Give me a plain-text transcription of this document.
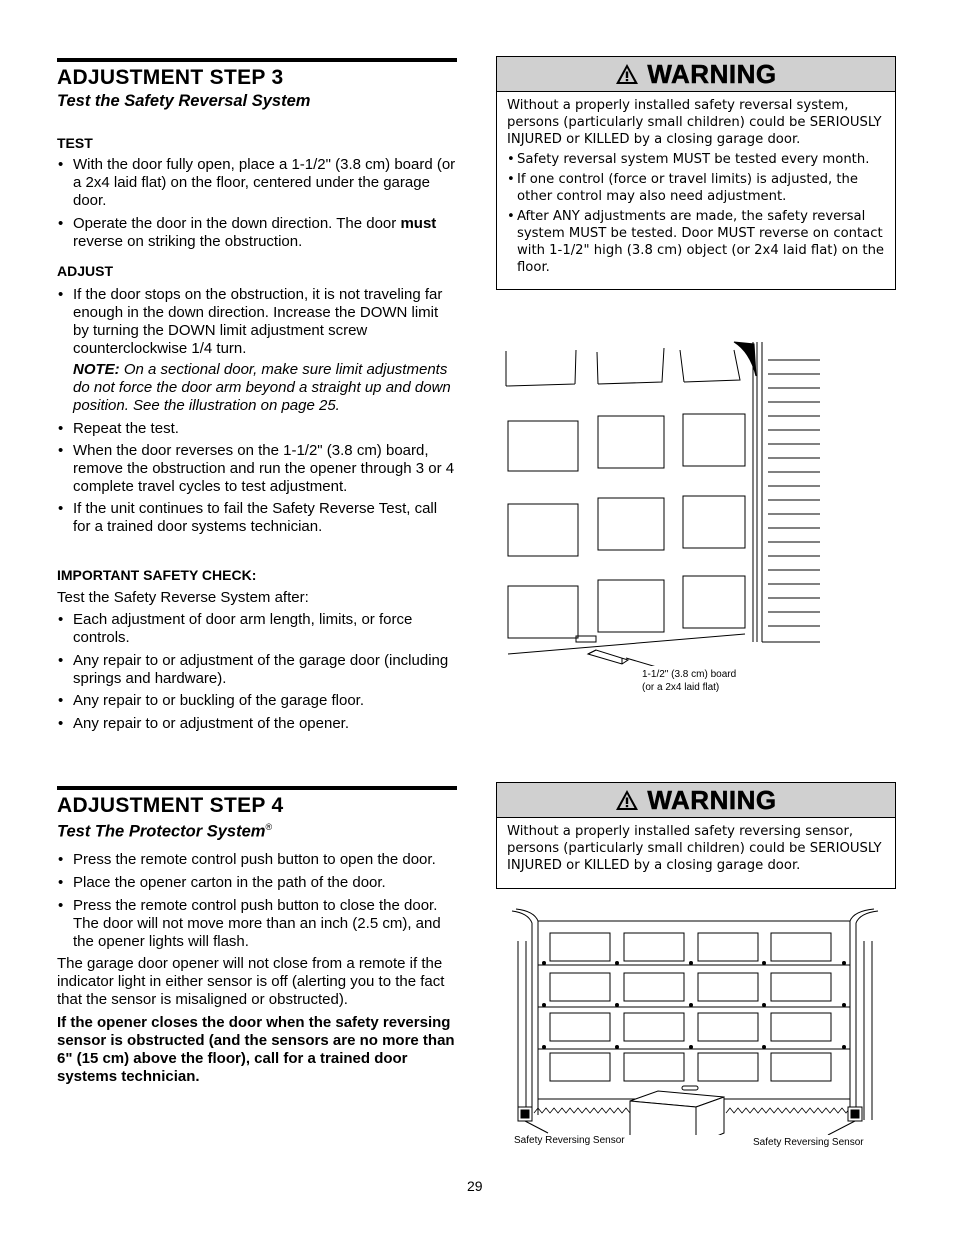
ADJUSTMENT STEP 3
Test the Safety Reversal System

TEST

• With the door fully open, place a 1-1/2" (3.8 cm) board (or a 2x4 laid flat) on the floor, centered under the garage door.

• Operate the door in the down direction. The door must reverse on striking the obstruction.

ADJUST

• If the door stops on the obstruction, it is not traveling far enough in the down direction. Increase the DOWN limit by turning the DOWN limit adjustment screw counterclockwise 1/4 turn.

NOTE: On a sectional door, make sure limit adjustments do not force the door arm beyond a straight up and down position. See the illustration on page 25.

• Repeat the test.

• When the door reverses on the 1-1/2" (3.8 cm) board, remove the obstruction and run the opener through 3 or 4 complete travel cycles to test adjustment.

• If the unit continues to fail the Safety Reverse Test, call for a trained door systems technician.

IMPORTANT SAFETY CHECK:

Test the Safety Reverse System after:

• Each adjustment of door arm length, limits, or force controls.

• Any repair to or adjustment of the garage door (including springs and hardware).

• Any repair to or buckling of the garage floor.

• Any repair to or adjustment of the opener.

WARNING

Without a properly installed safety reversal system, persons (particularly small children) could be SERIOUSLY INJURED or KILLED by a closing garage door.

• Safety reversal system MUST be tested every month.

• If one control (force or travel limits) is adjusted, the other control may also need adjustment.

• After ANY adjustments are made, the safety reversal system MUST be tested. Door MUST reverse on contact with 1-1/2" high (3.8 cm) object (or 2x4 laid flat) on the floor.

1-1/2" (3.8 cm) board
(or a 2x4 laid flat)
ADJUSTMENT STEP 4
Test The Protector System®

• Press the remote control push button to open the door.

• Place the opener carton in the path of the door.

• Press the remote control push button to close the door. The door will not move more than an inch (2.5 cm), and the opener lights will flash.

The garage door opener will not close from a remote if the indicator light in either sensor is off (alerting you to the fact that the sensor is misaligned or obstructed).

If the opener closes the door when the safety reversing sensor is obstructed (and the sensors are no more than 6" (15 cm) above the floor), call for a trained door systems technician.

WARNING

Without a properly installed safety reversing sensor, persons (particularly small children) could be SERIOUSLY INJURED or KILLED by a closing garage door.

Safety Reversing Sensor	Safety Reversing Sensor
29
